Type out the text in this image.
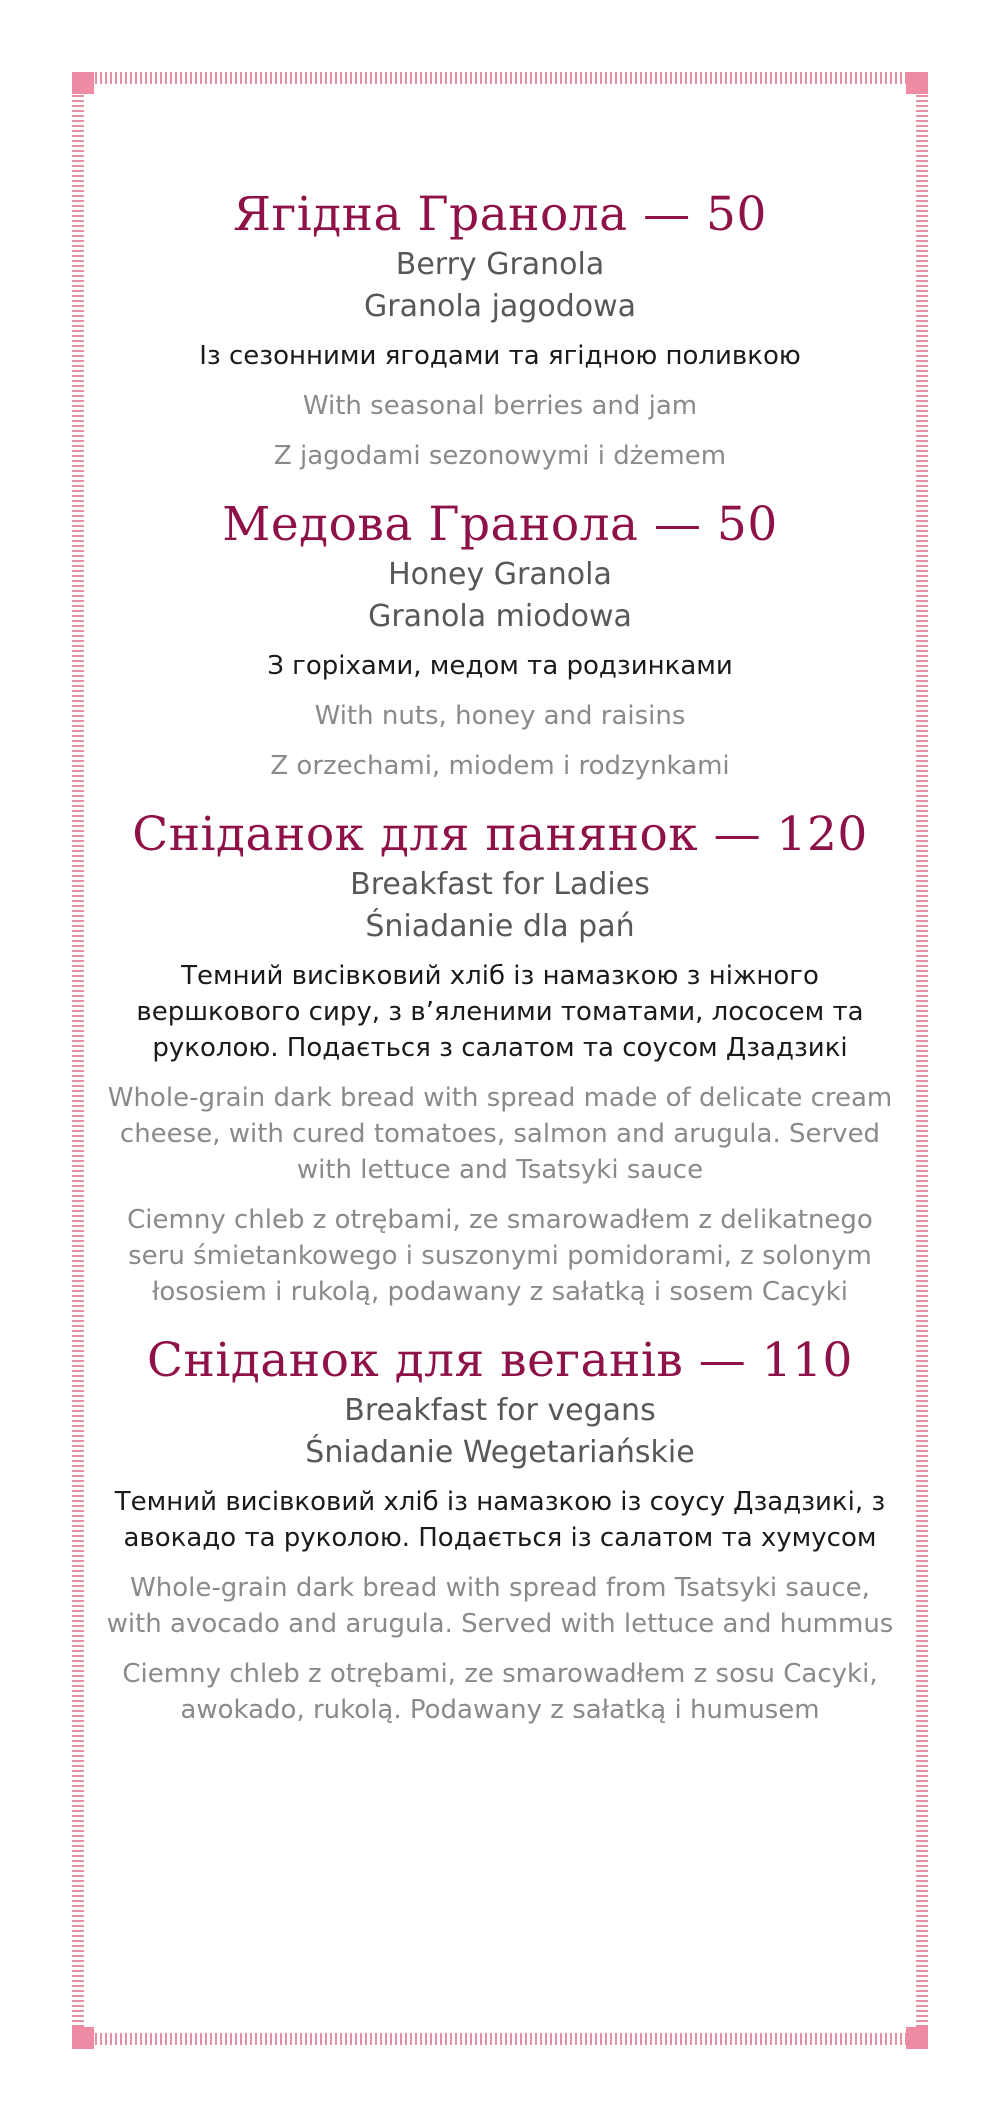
Ягідна Гранола — 50

Berry Granola

Granola jagodowa

Із сезонними ягодами та ягідною поливкою

With seasonal berries and jam

Z jagodami sezonowymi i dżemem

Медова Гранола — 50

Honey Granola

Granola miodowa

З горіхами, медом та родзинками

With nuts, honey and raisins

Z orzechami, miodem i rodzynkami

Сніданок для панянок — 120

Breakfast for Ladies

Śniadanie dla pań

Темний висівковий хліб із намазкою з ніжного вершкового сиру, з в’яленими томатами, лососем та руколою. Подається з салатом та соусом Дзадзикі

Whole-grain dark bread with spread made of delicate cream cheese, with cured tomatoes, salmon and arugula. Served with lettuce and Tsatsyki sauce

Ciemny chleb z otrębami, ze smarowadłem z delikatnego seru śmietankowego i suszonymi pomidorami, z solonym łososiem i rukolą, podawany z sałatką i sosem Cacyki

Сніданок для веганів — 110

Breakfast for vegans

Śniadanie Wegetariańskie

Темний висівковий хліб із намазкою із соусу Дзадзикі, з авокадо та руколою. Подається із салатом та хумусом

Whole-grain dark bread with spread from Tsatsyki sauce, with avocado and arugula. Served with lettuce and hummus

Ciemny chleb z otrębami, ze smarowadłem z sosu Cacyki, awokado, rukolą. Podawany z sałatką i humusem
